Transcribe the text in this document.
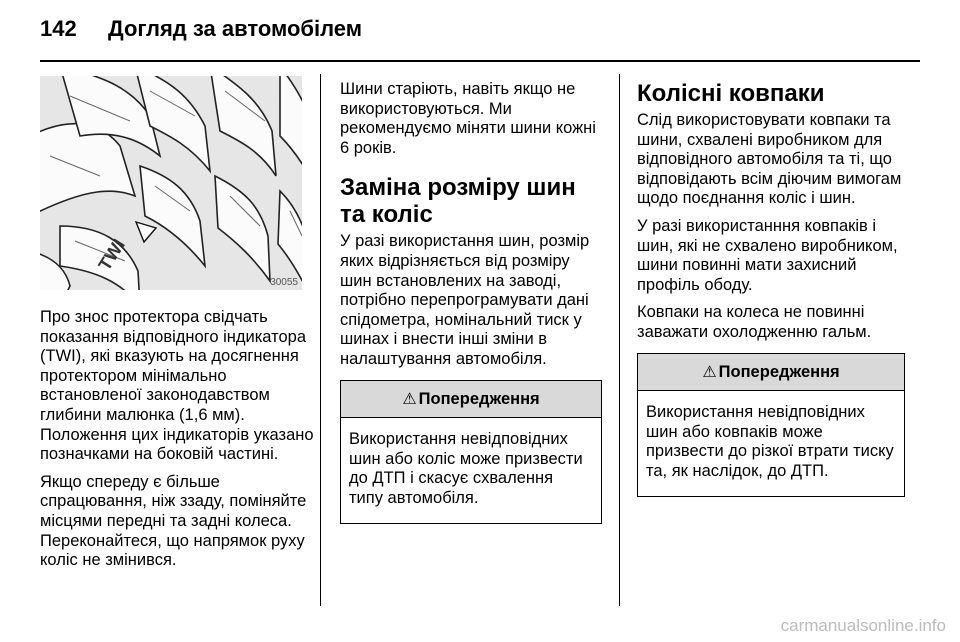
142 Догляд за автомобілем
TWI
30055

Про знос протектора свідчать показання відповідного індикатора (TWI), які вказують на досягнення протектором мінімально встановленої законодавством глибини малюнка (1,6 мм). Положення цих індикаторів указано позначками на боковій частині.

Якщо спереду є більше спрацювання, ніж ззаду, поміняйте місцями передні та задні колеса. Переконайтеся, що напрямок руху коліс не змінився.

Шини старіють, навіть якщо не використовуються. Ми рекомендуємо міняти шини кожні 6 років.

Заміна розміру шин та коліс

У разі використання шин, розмір яких відрізняється від розміру шин встановлених на заводі, потрібно перепрограмувати дані спідометра, номінальний тиск у шинах і внести інші зміни в налаштування автомобіля.

⚠ Попередження
Використання невідповідних шин або коліс може призвести до ДТП і скасує схвалення типу автомобіля.
Колісні ковпаки

Слід використовувати ковпаки та шини, схвалені виробником для відповідного автомобіля та ті, що відповідають всім діючим вимогам щодо поєднання коліс і шин.

У разі використанння ковпаків і шин, які не схвалено виробником, шини повинні мати захисний профіль ободу.

Ковпаки на колеса не повинні заважати охолодженню гальм.

⚠ Попередження
Використання невідповідних шин або ковпаків може призвести до різкої втрати тиску та, як наслідок, до ДТП.
carmanualsonline.info
